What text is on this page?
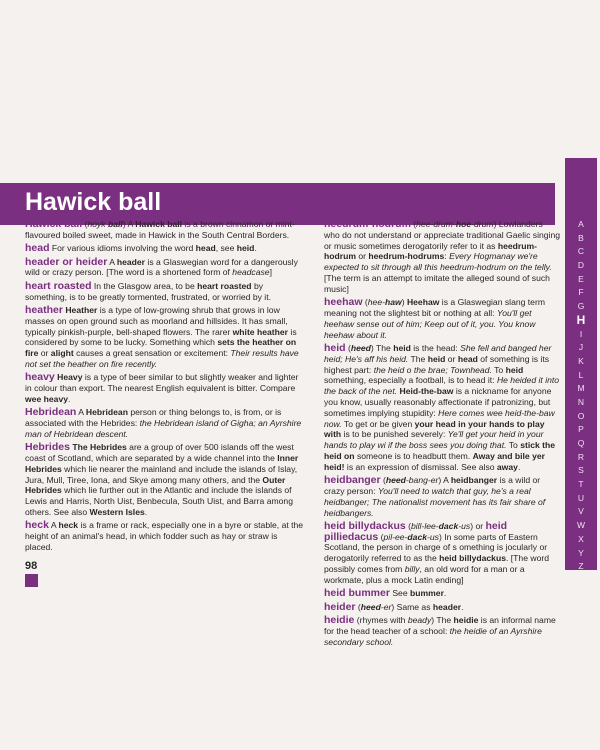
Hawick ball
A
B
C
D
E
F
G
H
I
J
K
L
M
N
O
P
Q
R
S
T
U
V
W
X
Y
Z

Hawick ball (hoyk ball) A Hawick ball is a brown cinnamon or mint-flavoured boiled sweet, made in Hawick in the South Central Borders.

head For various idioms involving the word head, see heid.

header or heider A header is a Glaswegian word for a dangerously wild or crazy person. [The word is a shortened form of headcase]

heart roasted In the Glasgow area, to be heart roasted by something, is to be greatly tormented, frustrated, or worried by it.

heather Heather is a type of low-growing shrub that grows in low masses on open ground such as moorland and hillsides. It has small, typically pinkish-purple, bell-shaped flowers. The rarer white heather is considered by some to be lucky. Something which sets the heather on fire or alight causes a great sensation or excitement: Their results have not set the heather on fire recently.

heavy Heavy is a type of beer similar to but slightly weaker and lighter in colour than export. The nearest English equivalent is bitter. Compare wee heavy.

Hebridean A Hebridean person or thing belongs to, is from, or is associated with the Hebrides: the Hebridean island of Gigha; an Ayrshire man of Hebridean descent.

Hebrides The Hebrides are a group of over 500 islands off the west coast of Scotland, which are separated by a wide channel into the Inner Hebrides which lie nearer the mainland and include the islands of Islay, Jura, Mull, Tiree, Iona, and Skye among many others, and the Outer Hebrides which lie further out in the Atlantic and include the islands of Lewis and Harris, North Uist, Benbecula, South Uist, and Barra among others. See also Western Isles.

heck A heck is a frame or rack, especially one in a byre or stable, at the height of an animal's head, in which fodder such as hay or straw is placed.

heedrum-hodrum (hee-drum-hoe-drum) Lowlanders who do not understand or appreciate traditional Gaelic singing or music sometimes derogatorily refer to it as heedrum-hodrum or heedrum-hodrums: Every Hogmanay we're expected to sit through all this heedrum-hodrum on the telly. [The term is an attempt to imitate the alleged sound of such music]

heehaw (hee-haw) Heehaw is a Glaswegian slang term meaning not the slightest bit or nothing at all: You'll get heehaw sense out of him; Keep out of it, you. You know heehaw about it.

heid (heed) The heid is the head: She fell and banged her heid; He's aff his heid. The heid or head of something is its highest part: the heid o the brae; Townhead. To heid something, especially a football, is to head it: He heided it into the back of the net. Heid-the-baw is a nickname for anyone you know, usually reasonably affectionate if patronizing, but sometimes implying stupidity: Here comes wee heid-the-baw now. To get or be given your head in your hands to play with is to be punished severely: Ye'll get your heid in your hands to play wi if the boss sees you doing that. To stick the heid on someone is to headbutt them. Away and bile yer heid! is an expression of dismissal. See also away.

heidbanger (heed-bang-er) A heidbanger is a wild or crazy person: You'll need to watch that guy, he's a real heidbanger; The nationalist movement has its fair share of heidbangers.

heid billydackus (bill-lee-dack-us) or heid pilliedacus (pil-ee-dack-us) In some parts of Eastern Scotland, the person in charge of s omething is jocularly or derogatorily referred to as the heid billydackus. [The word possibly comes from billy, an old word for a man or a workmate, plus a mock Latin ending]

heid bummer See bummer.

heider (heed-er) Same as header.

heidie (rhymes with beady) The heidie is an informal name for the head teacher of a school: the heidie of an Ayrshire secondary school.

98
